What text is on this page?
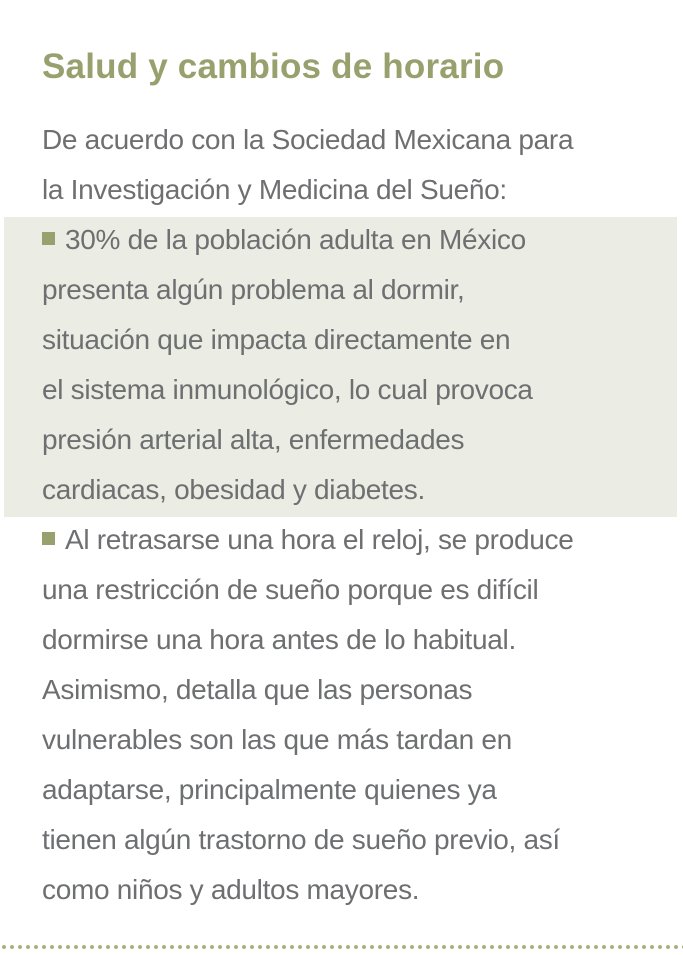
Salud y cambios de horario
De acuerdo con la Sociedad Mexicana para
la Investigación y Medicina del Sueño:
30% de la población adulta en México
presenta algún problema al dormir,
situación que impacta directamente en
el sistema inmunológico, lo cual provoca
presión arterial alta, enfermedades
cardiacas, obesidad y diabetes.
Al retrasarse una hora el reloj, se produce
una restricción de sueño porque es difícil
dormirse una hora antes de lo habitual.
Asimismo, detalla que las personas
vulnerables son las que más tardan en
adaptarse, principalmente quienes ya
tienen algún trastorno de sueño previo, así
como niños y adultos mayores.
